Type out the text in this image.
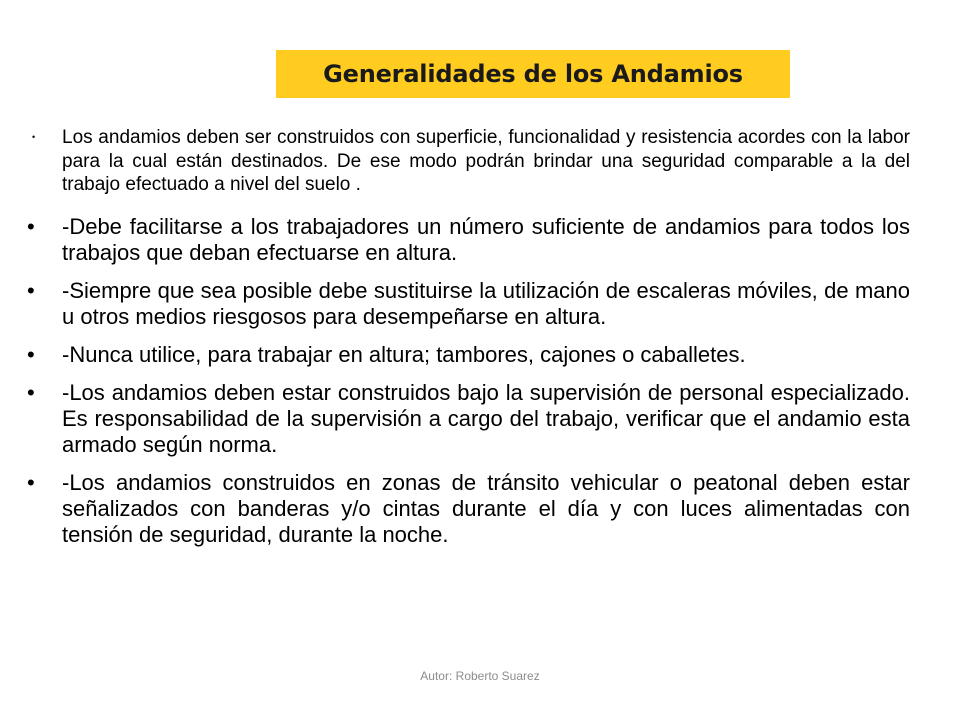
Generalidades de los Andamios
• Los andamios deben ser construidos con superficie, funcionalidad y resistencia acordes con la labor para la cual están destinados. De ese modo podrán brindar una seguridad comparable a la del trabajo efectuado a nivel del suelo .
• -Debe facilitarse a los trabajadores un número suficiente de andamios para todos los trabajos que deban efectuarse en altura.
• -Siempre que sea posible debe sustituirse la utilización de escaleras móviles, de mano u otros medios riesgosos para desempeñarse en altura.
• -Nunca utilice, para trabajar en altura; tambores, cajones o caballetes.
• -Los andamios deben estar construidos bajo la supervisión de personal especializado. Es responsabilidad de la supervisión a cargo del trabajo, verificar que el andamio esta armado según norma.
• -Los andamios construidos en zonas de tránsito vehicular o peatonal deben estar señalizados con banderas y/o cintas durante el día y con luces alimentadas con tensión de seguridad, durante la noche.
Autor: Roberto Suarez
